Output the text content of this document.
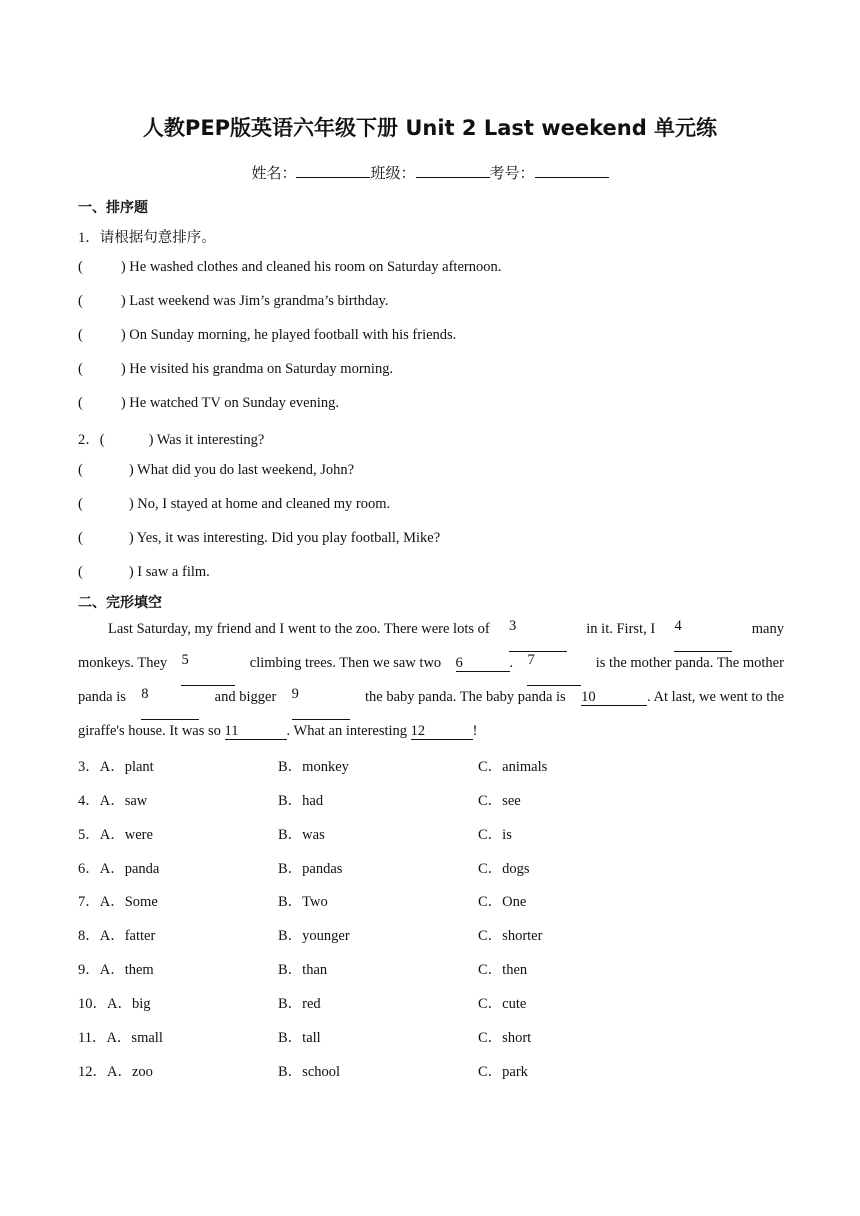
人教PEP版英语六年级下册 Unit 2 Last weekend 单元练
姓名：	班级：	考号：
一、排序题
1．请根据句意排序。
(	) He washed clothes and cleaned his room on Saturday afternoon.
(	) Last weekend was Jim’s grandma’s birthday.
(	) On Sunday morning, he played football with his friends.
(	) He visited his grandma on Saturday morning.
(	) He watched TV on Sunday evening.
2．(	) Was it interesting?
(	) What did you do last weekend, John?
(	) No, I stayed at home and cleaned my room.
(	) Yes, it was interesting. Did you play football, Mike?
(	) I saw a film.
二、完形填空
Last Saturday, my friend and I went to the zoo. There were lots of 3	in it. First, I 4	many
monkeys. They 5	climbing trees. Then we saw two 6	. 7	is the mother panda. The mother
panda is 8	and bigger 9	the baby panda. The baby panda is 10	. At last, we went to the
giraffe's house. It was so 11	. What an interesting 12	!
3．A．plant	B．monkey	C．animals
4．A．saw	B．had	C．see
5．A．were	B．was	C．is
6．A．panda	B．pandas	C．dogs
7．A．Some	B．Two	C．One
8．A．fatter	B．younger	C．shorter
9．A．them	B．than	C．then
10．A．big	B．red	C．cute
11．A．small	B．tall	C．short
12．A．zoo	B．school	C．park
